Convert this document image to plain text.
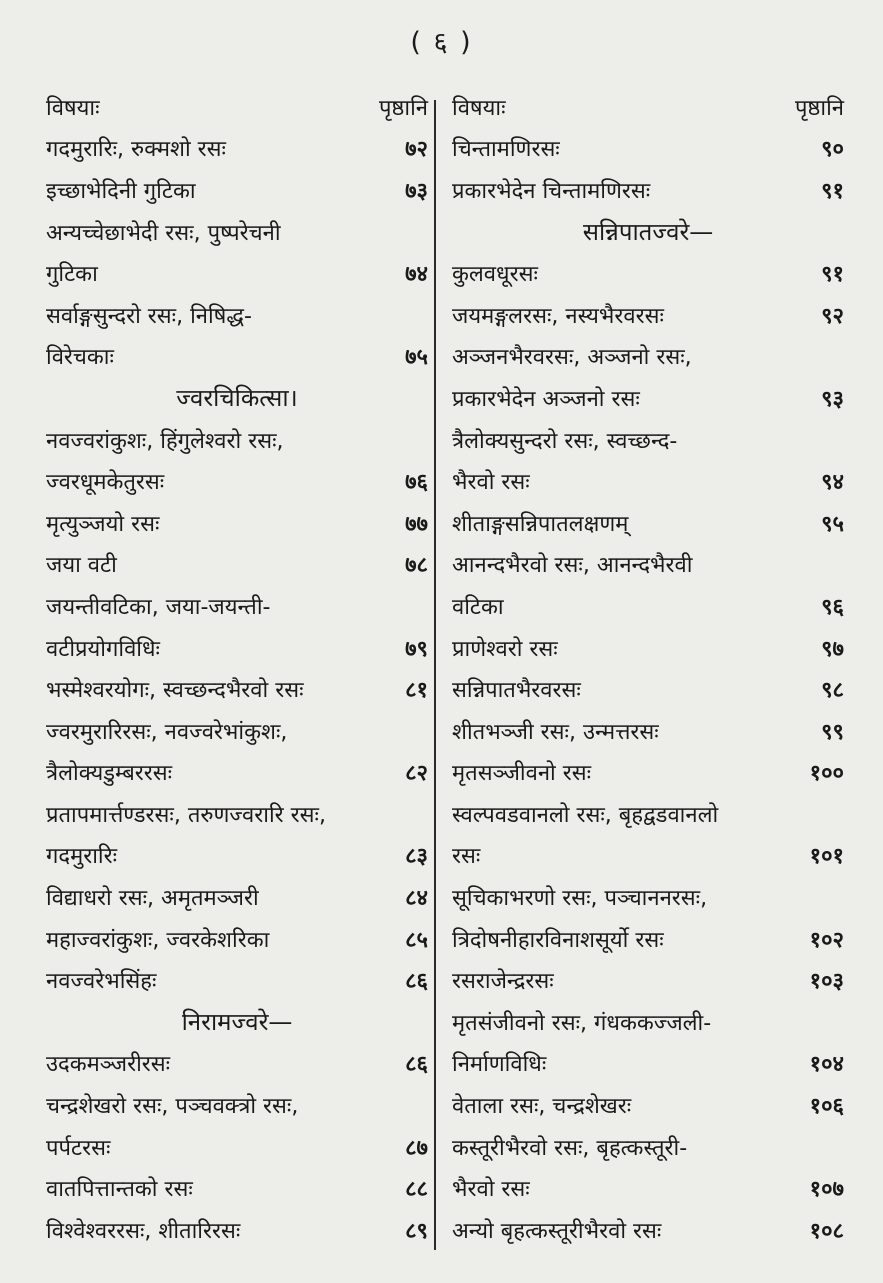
( ६ )
विषयाः	पृष्ठानि
गदमुरारिः, रुक्मशो रसः	७२
इच्छाभेदिनी गुटिका	७३
अन्यच्चेछाभेदी रसः, पुष्परेचनी
गुटिका	७४
सर्वाङ्गसुन्दरो रसः, निषिद्ध-
विरेचकाः	७५
ज्वरचिकित्सा।
नवज्वरांकुशः, हिंगुलेश्वरो रसः,
ज्वरधूमकेतुरसः	७६
मृत्युञ्जयो रसः	७७
जया वटी	७८
जयन्तीवटिका, जया-जयन्ती-
वटीप्रयोगविधिः	७९
भस्मेश्वरयोगः, स्वच्छन्दभैरवो रसः	८१
ज्वरमुरारिरसः, नवज्वरेभांकुशः,
त्रैलोक्यडुम्बररसः	८२
प्रतापमार्त्तण्डरसः, तरुणज्वरारि रसः,
गदमुरारिः	८३
विद्याधरो रसः, अमृतमञ्जरी	८४
महाज्वरांकुशः, ज्वरकेशरिका	८५
नवज्वरेभसिंहः	८६
निरामज्वरे—
उदकमञ्जरीरसः	८६
चन्द्रशेखरो रसः, पञ्चवक्त्रो रसः,
पर्पटरसः	८७
वातपित्तान्तको रसः	८८
विश्वेश्वररसः, शीतारिरसः	८९
विषयाः	पृष्ठानि
चिन्तामणिरसः	९०
प्रकारभेदेन चिन्तामणिरसः	९१
सन्निपातज्वरे—
कुलवधूरसः	९१
जयमङ्गलरसः, नस्यभैरवरसः	९२
अञ्जनभैरवरसः, अञ्जनो रसः,
प्रकारभेदेन अञ्जनो रसः	९३
त्रैलोक्यसुन्दरो रसः, स्वच्छन्द-
भैरवो रसः	९४
शीताङ्गसन्निपातलक्षणम्	९५
आनन्दभैरवो रसः, आनन्दभैरवी
वटिका	९६
प्राणेश्वरो रसः	९७
सन्निपातभैरवरसः	९८
शीतभञ्जी रसः, उन्मत्तरसः	९९
मृतसञ्जीवनो रसः	१००
स्वल्पवडवानलो रसः, बृहद्वडवानलो
रसः	१०१
सूचिकाभरणो रसः, पञ्चाननरसः,
त्रिदोषनीहारविनाशसूर्यो रसः	१०२
रसराजेन्द्ररसः	१०३
मृतसंजीवनो रसः, गंधककज्जली-
निर्माणविधिः	१०४
वेताला रसः, चन्द्रशेखरः	१०६
कस्तूरीभैरवो रसः, बृहत्कस्तूरी-
भैरवो रसः	१०७
अन्यो बृहत्कस्तूरीभैरवो रसः	१०८
